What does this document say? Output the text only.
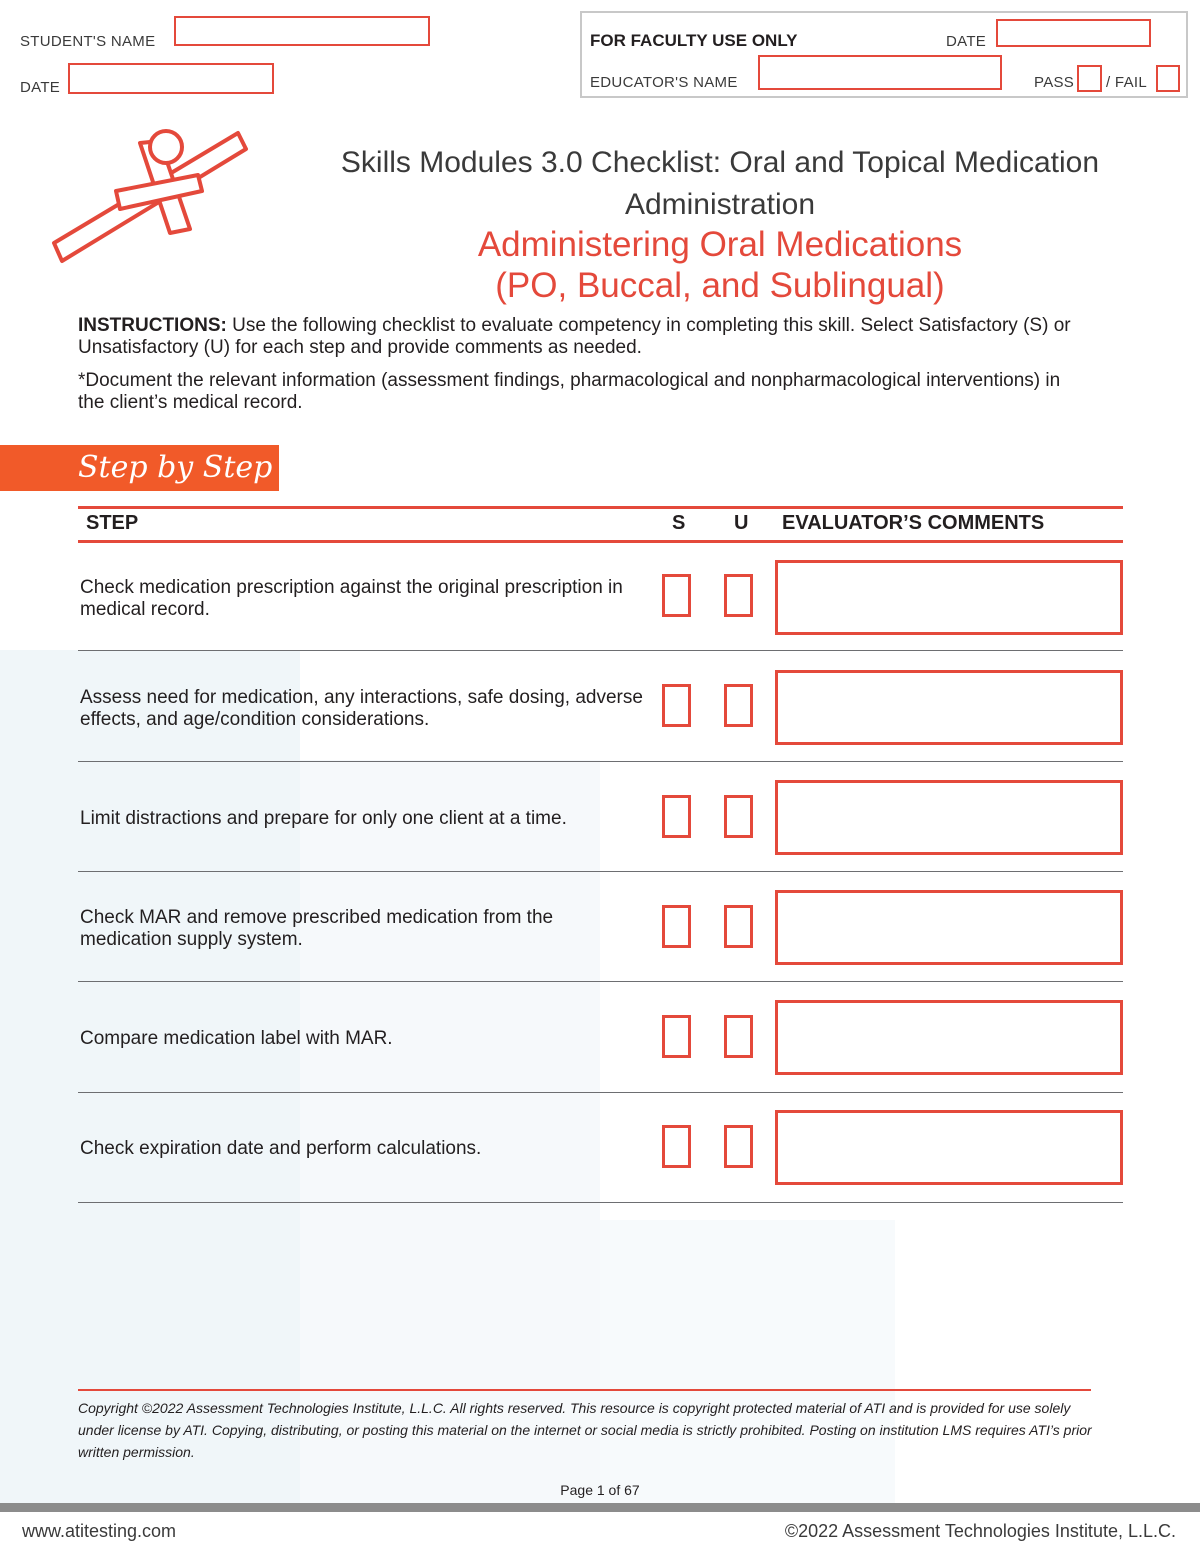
STUDENT'S NAME
DATE
FOR FACULTY USE ONLY	DATE
EDUCATOR'S NAME	PASS / FAIL
Skills Modules 3.0 Checklist: Oral and Topical Medication
Administration
Administering Oral Medications
(PO, Buccal, and Sublingual)
INSTRUCTIONS: Use the following checklist to evaluate competency in completing this skill. Select Satisfactory (S) or Unsatisfactory (U) for each step and provide comments as needed.
*Document the relevant information (assessment findings, pharmacological and nonpharmacological interventions) in the client’s medical record.
Step by Step
STEP	S U EVALUATOR’S COMMENTS
Check medication prescription against the original prescription in medical record.
Assess need for medication, any interactions, safe dosing, adverse effects, and age/condition considerations.
Limit distractions and prepare for only one client at a time.
Check MAR and remove prescribed medication from the medication supply system.
Compare medication label with MAR.
Check expiration date and perform calculations.
Copyright ©2022 Assessment Technologies Institute, L.L.C. All rights reserved. This resource is copyright protected material of ATI and is provided for use solely under license by ATI. Copying, distributing, or posting this material on the internet or social media is strictly prohibited. Posting on institution LMS requires ATI’s prior written permission.
Page 1 of 67
www.atitesting.com	©2022 Assessment Technologies Institute, L.L.C.
